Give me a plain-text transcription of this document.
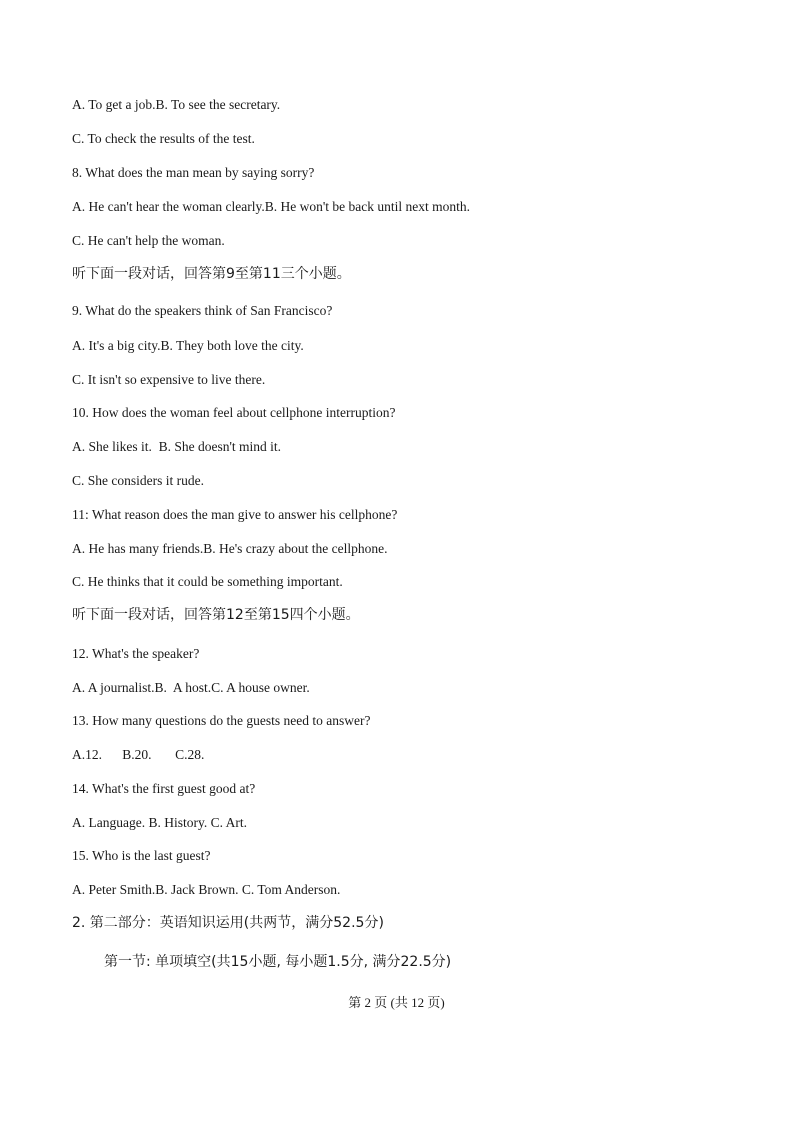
A. To get a job.B. To see the secretary.
C. To check the results of the test.
8. What does the man mean by saying sorry?
A. He can't hear the woman clearly.B. He won't be back until next month.
C. He can't help the woman.
听下面一段对话，回答第9至第11三个小题。
9. What do the speakers think of San Francisco?
A. It's a big city.B. They both love the city.
C. It isn't so expensive to live there.
10. How does the woman feel about cellphone interruption?
A. She likes it.  B. She doesn't mind it.
C. She considers it rude.
11: What reason does the man give to answer his cellphone?
A. He has many friends.B. He's crazy about the cellphone.
C. He thinks that it could be something important.
听下面一段对话，回答第12至第15四个小题。
12. What's the speaker?
A. A journalist.B.  A host.C. A house owner.
13. How many questions do the guests need to answer?
A.12.      B.20.       C.28.
14. What's the first guest good at?
A. Language. B. History. C. Art.
15. Who is the last guest?
A. Peter Smith.B. Jack Brown. C. Tom Anderson.
2. 第二部分：英语知识运用(共两节，满分52.5分)
第一节: 单项填空(共15小题, 每小题1.5分, 满分22.5分)
第 2 页 (共 12 页)
